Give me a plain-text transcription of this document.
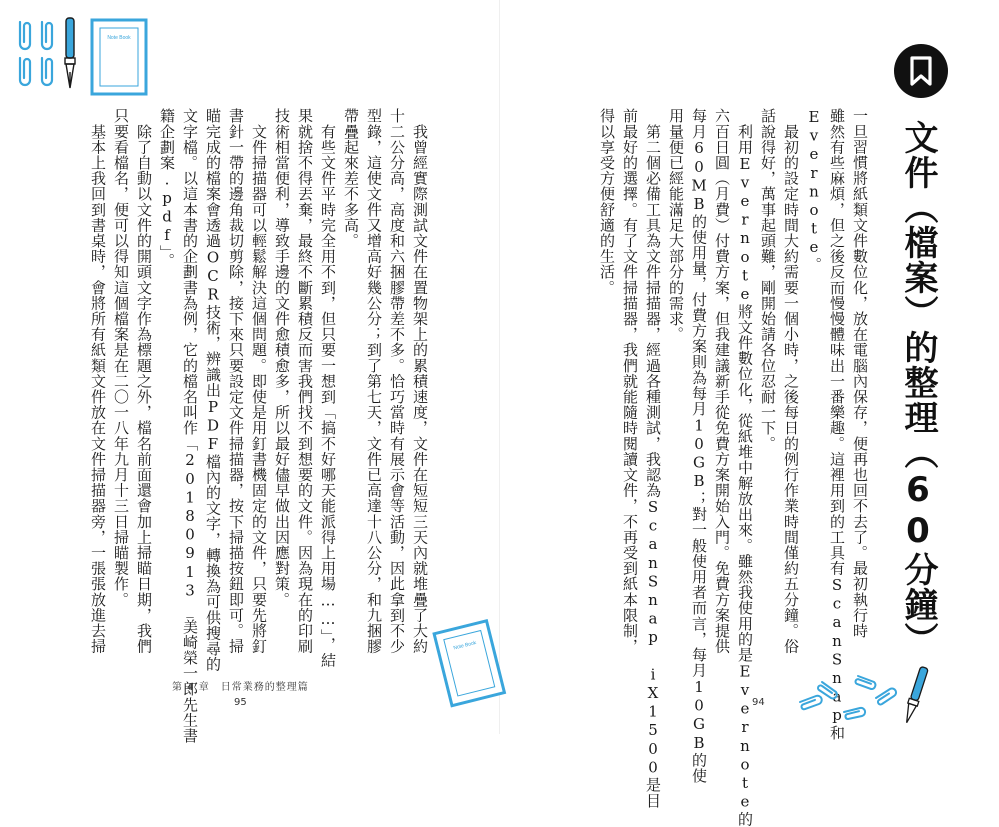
Note Book
文件（檔案）的整理（60分鐘）
一旦習慣將紙類文件數位化，放在電腦內保存，便再也回不去了。最初執行時
雖然有些麻煩，但之後反而慢慢體味出一番樂趣。這裡用到的工具有ScanSnap和
Evernote。
　最初的設定時間大約需要一個小時，之後每日的例行作業時間僅約五分鐘。俗
話說得好，萬事起頭難，剛開始請各位忍耐一下。
　利用Evernote將文件數位化，從紙堆中解放出來。雖然我使用的是Evernote的
六百日圓（月費）付費方案，但我建議新手從免費方案開始入門。免費方案提供
每月60MB的使用量，付費方案則為每月10GB；對一般使用者而言，每月10GB的使
用量便已經能滿足大部分的需求。
　第二個必備工具為文件掃描器，經過各種測試，我認為ScanSnap iX1500是目
前最好的選擇。有了文件掃描器，我們就能隨時閱讀文件，不再受到紙本限制，
得以享受方便舒適的生活。
　我曾經實際測試文件在置物架上的累積速度，文件在短短三天內就堆疊了大約
十二公分高，高度和六捆膠帶差不多。恰巧當時有展示會等活動，因此拿到不少
型錄，這使文件又增高好幾公分；到了第七天，文件已高達十八公分，和九捆膠
帶疊起來差不多高。
　有些文件平時完全用不到，但只要一想到「搞不好哪天能派得上用場……」，結
果就捨不得丟棄，最終不斷累積反而害我們找不到想要的文件。因為現在的印刷
技術相當便利，導致手邊的文件愈積愈多，所以最好儘早做出因應對策。
　文件掃描器可以輕鬆解決這個問題。即使是用釘書機固定的文件，只要先將釘
書針一帶的邊角裁切剪除，接下來只要設定文件掃描器，按下掃描按鈕即可。掃
瞄完成的檔案會透過OCR技術，辨識出PDF檔內的文字，轉換為可供搜尋的
文字檔。以這本書的企劃書為例，它的檔名叫作「20180913_美崎榮一郎先生書
籍企劃案.pdf」。
　除了自動以文件的開頭文字作為標題之外，檔名前面還會加上掃瞄日期，我們
只要看檔名，便可以得知這個檔案是在二〇一八年九月十三日掃瞄製作。
　基本上我回到書桌時，會將所有紙類文件放在文件掃描器旁，一張張放進去掃	Note Book
第 4 章　日常業務的整理篇
95	94
